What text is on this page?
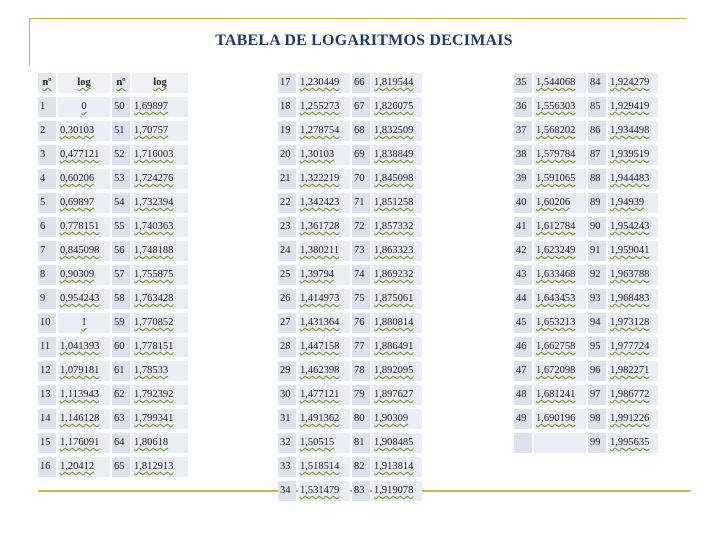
TABELA DE LOGARITMOS DECIMAIS
nº	log	nº	log
1	0	50	1,69897
2	0,30103	51	1,70757
3	0,477121	52	1,716003
4	0,60206	53	1,724276
5	0,69897	54	1,732394
6	0,778151	55	1,740363
7	0,845098	56	1,748188
8	0,90309	57	1,755875
9	0,954243	58	1,763428
10	1	59	1,770852
11	1,041393	60	1,778151
12	1,079181	61	1,78533
13	1,113943	62	1,792392
14	1,146128	63	1,799341
15	1,176091	64	1,80618
16	1,20412	65	1,812913
17	1,230449	66	1,819544
18	1,255273	67	1,826075
19	1,278754	68	1,832509
20	1,30103	69	1,838849
21	1,322219	70	1,845098
22	1,342423	71	1,851258
23	1,361728	72	1,857332
24	1,380211	73	1,863323
25	1,39794	74	1,869232
26	1,414973	75	1,875061
27	1,431364	76	1,880814
28	1,447158	77	1,886491
29	1,462398	78	1,892095
30	1,477121	79	1,897627
31	1,491362	80	1,90309
32	1,50515	81	1,908485
33	1,518514	82	1,913814
34	1,531479	83	1,919078
35	1,544068	84	1,924279
36	1,556303	85	1,929419
37	1,568202	86	1,934498
38	1,579784	87	1,939519
39	1,591065	88	1,944483
40	1,60206	89	1,94939
41	1,612784	90	1,954243
42	1,623249	91	1,959041
43	1,633468	92	1,963788
44	1,643453	93	1,968483
45	1,653213	94	1,973128
46	1,662758	95	1,977724
47	1,672098	96	1,982271
48	1,681241	97	1,986772
49	1,690196	98	1,991226
		99	1,995635
